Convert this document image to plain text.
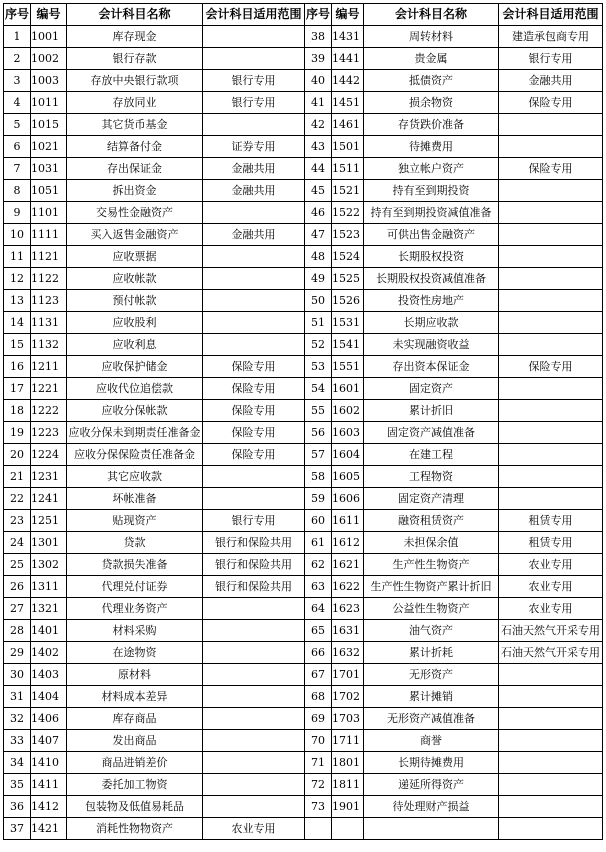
序号	编号	会计科目名称	会计科目适用范围	序号	编号	会计科目名称	会计科目适用范围
1	1001	库存现金		38	1431	周转材料	建造承包商专用
2	1002	银行存款		39	1441	贵金属	银行专用
3	1003	存放中央银行款项	银行专用	40	1442	抵债资产	金融共用
4	1011	存放同业	银行专用	41	1451	损余物资	保险专用
5	1015	其它货币基金		42	1461	存货跌价准备	
6	1021	结算备付金	证券专用	43	1501	待摊费用	
7	1031	存出保证金	金融共用	44	1511	独立帐户资产	保险专用
8	1051	拆出资金	金融共用	45	1521	持有至到期投资	
9	1101	交易性金融资产		46	1522	持有至到期投资减值准备	
10	1111	买入返售金融资产	金融共用	47	1523	可供出售金融资产	
11	1121	应收票据		48	1524	长期股权投资	
12	1122	应收帐款		49	1525	长期股权投资减值准备	
13	1123	预付帐款		50	1526	投资性房地产	
14	1131	应收股利		51	1531	长期应收款	
15	1132	应收利息		52	1541	未实现融资收益	
16	1211	应收保护储金	保险专用	53	1551	存出资本保证金	保险专用
17	1221	应收代位追偿款	保险专用	54	1601	固定资产	
18	1222	应收分保帐款	保险专用	55	1602	累计折旧	
19	1223	应收分保未到期责任准备金	保险专用	56	1603	固定资产减值准备	
20	1224	应收分保保险责任准备金	保险专用	57	1604	在建工程	
21	1231	其它应收款		58	1605	工程物资	
22	1241	坏帐准备		59	1606	固定资产清理	
23	1251	贴现资产	银行专用	60	1611	融资租赁资产	租赁专用
24	1301	贷款	银行和保险共用	61	1612	未担保余值	租赁专用
25	1302	贷款损失准备	银行和保险共用	62	1621	生产性生物资产	农业专用
26	1311	代理兑付证券	银行和保险共用	63	1622	生产性生物资产累计折旧	农业专用
27	1321	代理业务资产		64	1623	公益性生物资产	农业专用
28	1401	材料采购		65	1631	油气资产	石油天然气开采专用
29	1402	在途物资		66	1632	累计折耗	石油天然气开采专用
30	1403	原材料		67	1701	无形资产	
31	1404	材料成本差异		68	1702	累计摊销	
32	1406	库存商品		69	1703	无形资产减值准备	
33	1407	发出商品		70	1711	商誉	
34	1410	商品进销差价		71	1801	长期待摊费用	
35	1411	委托加工物资		72	1811	递延所得资产	
36	1412	包装物及低值易耗品		73	1901	待处理财产损益	
37	1421	消耗性物物资产	农业专用				
